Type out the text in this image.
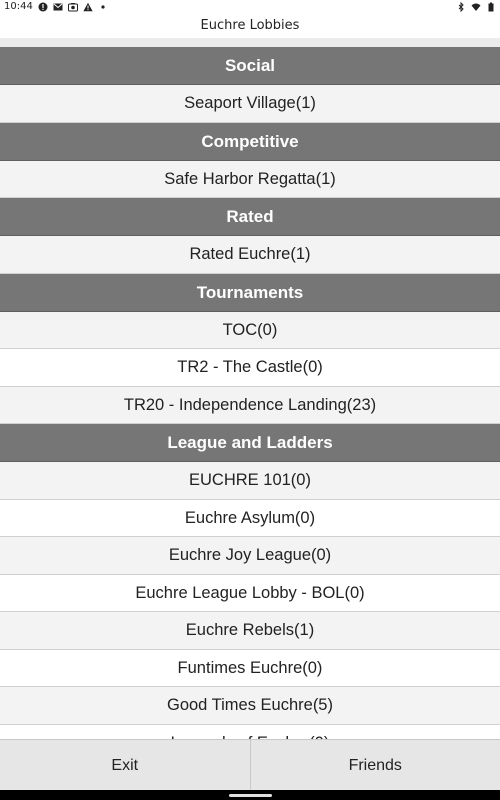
10:44
Euchre Lobbies
Social
Seaport Village(1)
Competitive
Safe Harbor Regatta(1)
Rated
Rated Euchre(1)
Tournaments
TOC(0)
TR2 - The Castle(0)
TR20 - Independence Landing(23)
League and Ladders
EUCHRE 101(0)
Euchre Asylum(0)
Euchre Joy League(0)
Euchre League Lobby - BOL(0)
Euchre Rebels(1)
Funtimes Euchre(0)
Good Times Euchre(5)
Exit	Friends
